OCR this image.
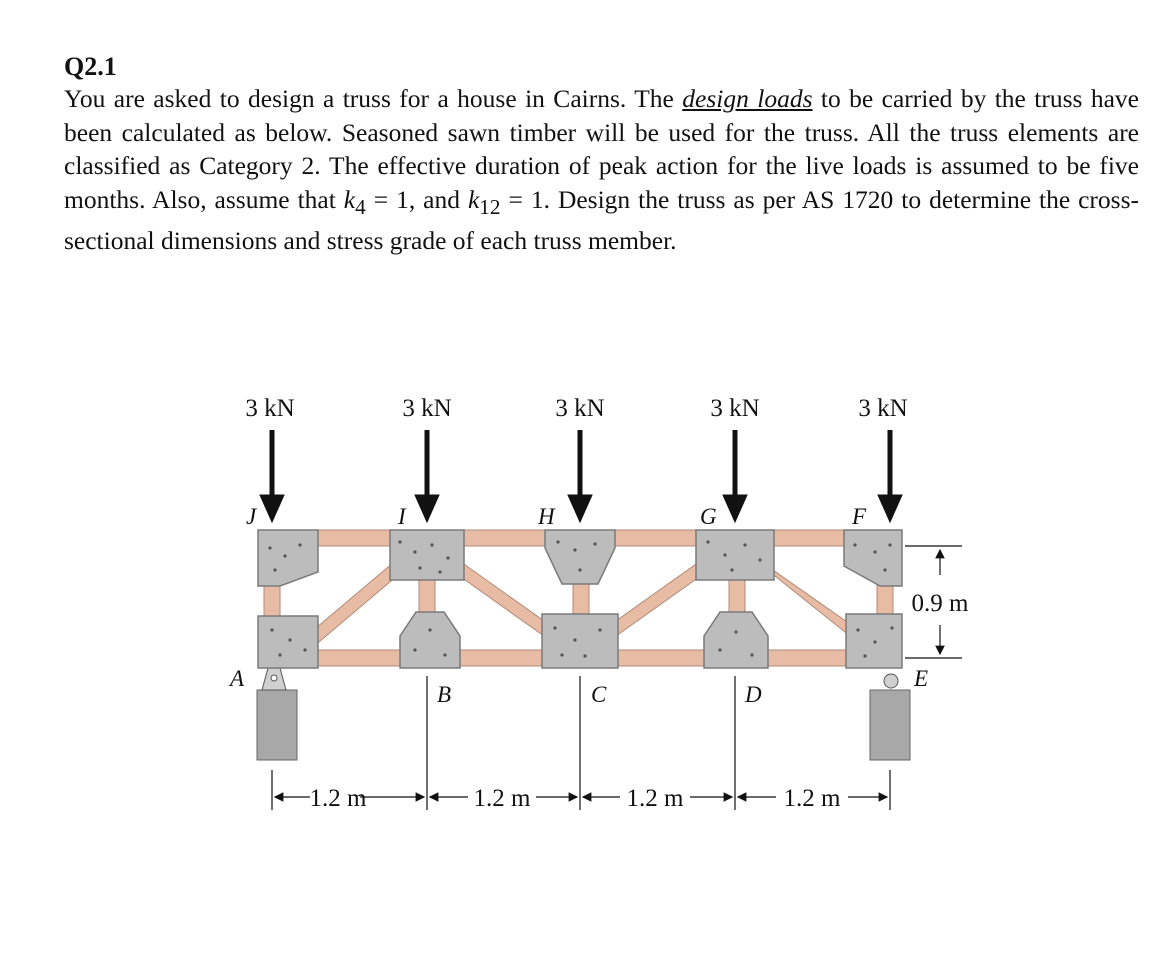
Q2.1
You are asked to design a truss for a house in Cairns. The design loads to be carried by the truss have been calculated as below. Seasoned sawn timber will be used for the truss. All the truss elements are classified as Category 2. The effective duration of peak action for the live loads is assumed to be five months. Also, assume that $k_4 = 1$, and $k_{12} = 1$. Design the truss as per AS 1720 to determine the cross-sectional dimensions and stress grade of each truss member.
3 kN	3 kN	3 kN	3 kN	3 kN
J	I	H	G	F
A
B	C	D
E
1.2 m	1.2 m	1.2 m	1.2 m
0.9 m
